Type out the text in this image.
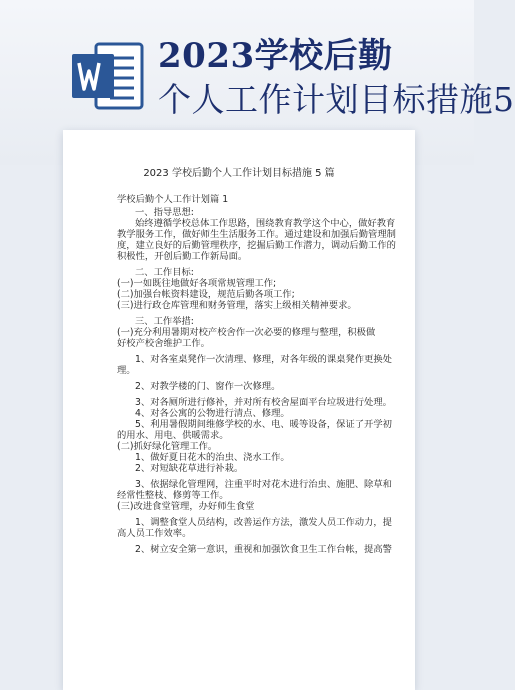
2023学校后勤
个人工作计划目标措施5
2023 学校后勤个人工作计划目标措施 5 篇
学校后勤个人工作计划篇 1
一、指导思想:
始终遵循学校总体工作思路，围绕教育教学这个中心，做好教育
教学服务工作，做好师生生活服务工作。通过建设和加强后勤管理制
度，建立良好的后勤管理秩序，挖掘后勤工作潜力，调动后勤工作的
积极性，开创后勤工作新局面。
二、工作目标:
(一)一如既往地做好各项常规管理工作;
(二)加强台帐资料建设，规范后勤各项工作;
(三)进行政仓库管理和财务管理，落实上级相关精神要求。
三、工作举措:
(一)充分利用暑期对校产校舍作一次必要的修理与整理，积极做
好校产校舍维护工作。
1、对各室桌凳作一次清理、修理，对各年级的课桌凳作更换处
理。
2、对教学楼的门、窗作一次修理。
3、对各厕所进行修补，并对所有校舍屋面平台垃圾进行处理。
4、对各公寓的公物进行清点、修理。
5、利用暑假期间维修学校的水、电、暖等设备，保证了开学初
的用水、用电、供暖需求。
(二)抓好绿化管理工作。
1、做好夏日花木的治虫、浇水工作。
2、对短缺花草进行补栽。
3、依据绿化管理网，注重平时对花木进行治虫、施肥、除草和
经常性整枝、修剪等工作。
(三)改进食堂管理，办好师生食堂
1、调整食堂人员结构，改善运作方法，激发人员工作动力，提
高人员工作效率。
2、树立安全第一意识，重视和加强饮食卫生工作台帐，提高警
